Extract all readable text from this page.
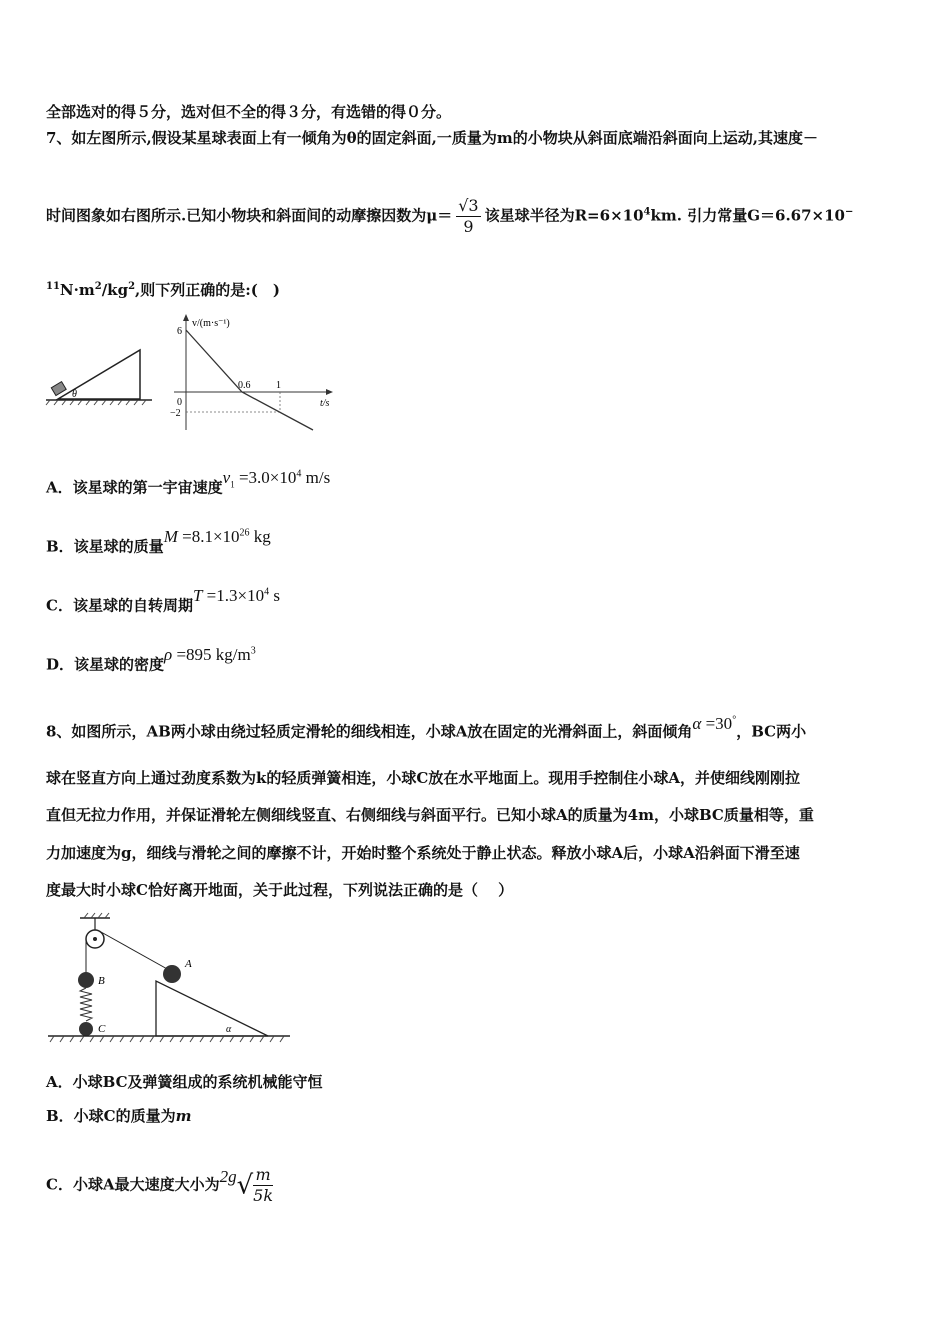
全部选对的得５分，选对但不全的得３分，有选错的得０分。
7、如左图所示,假设某星球表面上有一倾角为θ的固定斜面,一质量为m的小物块从斜面底端沿斜面向上运动,其速度－
时间图象如右图所示.已知小物块和斜面间的动摩擦因数为$\mu= \frac{√3}{9}$ 该星球半径为$R=6\times 10^4km$. 引力常量G＝6.67×10−
$^{11}N\cdot m^2/kg^2$,则下列正确的是:(　)
θ
v/(m·s⁻¹)
t/s
6
0
−2
0.6	1
A．该星球的第一宇宙速度$v_1 =3.0\times 10^4$ m/s
B．该星球的质量$M =8.1\times 10^{26}$ kg
C．该星球的自转周期$T =1.3\times 10^4$ s
D．该星球的密度ρ =895 $kg/m^3$
8、如图所示，AB两小球由绕过轻质定滑轮的细线相连，小球A放在固定的光滑斜面上，斜面倾角α =30°，BC两小
球在竖直方向上通过劲度系数为k的轻质弹簧相连，小球C放在水平地面上。现用手控制住小球A，并使细线刚刚拉
直但无拉力作用，并保证滑轮左侧细线竖直、右侧细线与斜面平行。已知小球A的质量为4m，小球BC质量相等，重
力加速度为g，细线与滑轮之间的摩擦不计，开始时整个系统处于静止状态。释放小球A后，小球A沿斜面下滑至速
度最大时小球C恰好离开地面，关于此过程，下列说法正确的是（　 ）
B
C
A
α
A．小球BC及弹簧组成的系统机械能守恒
B．小球C的质量为m
C．小球A最大速度大小为$2g√ \frac{m}{5k}$
